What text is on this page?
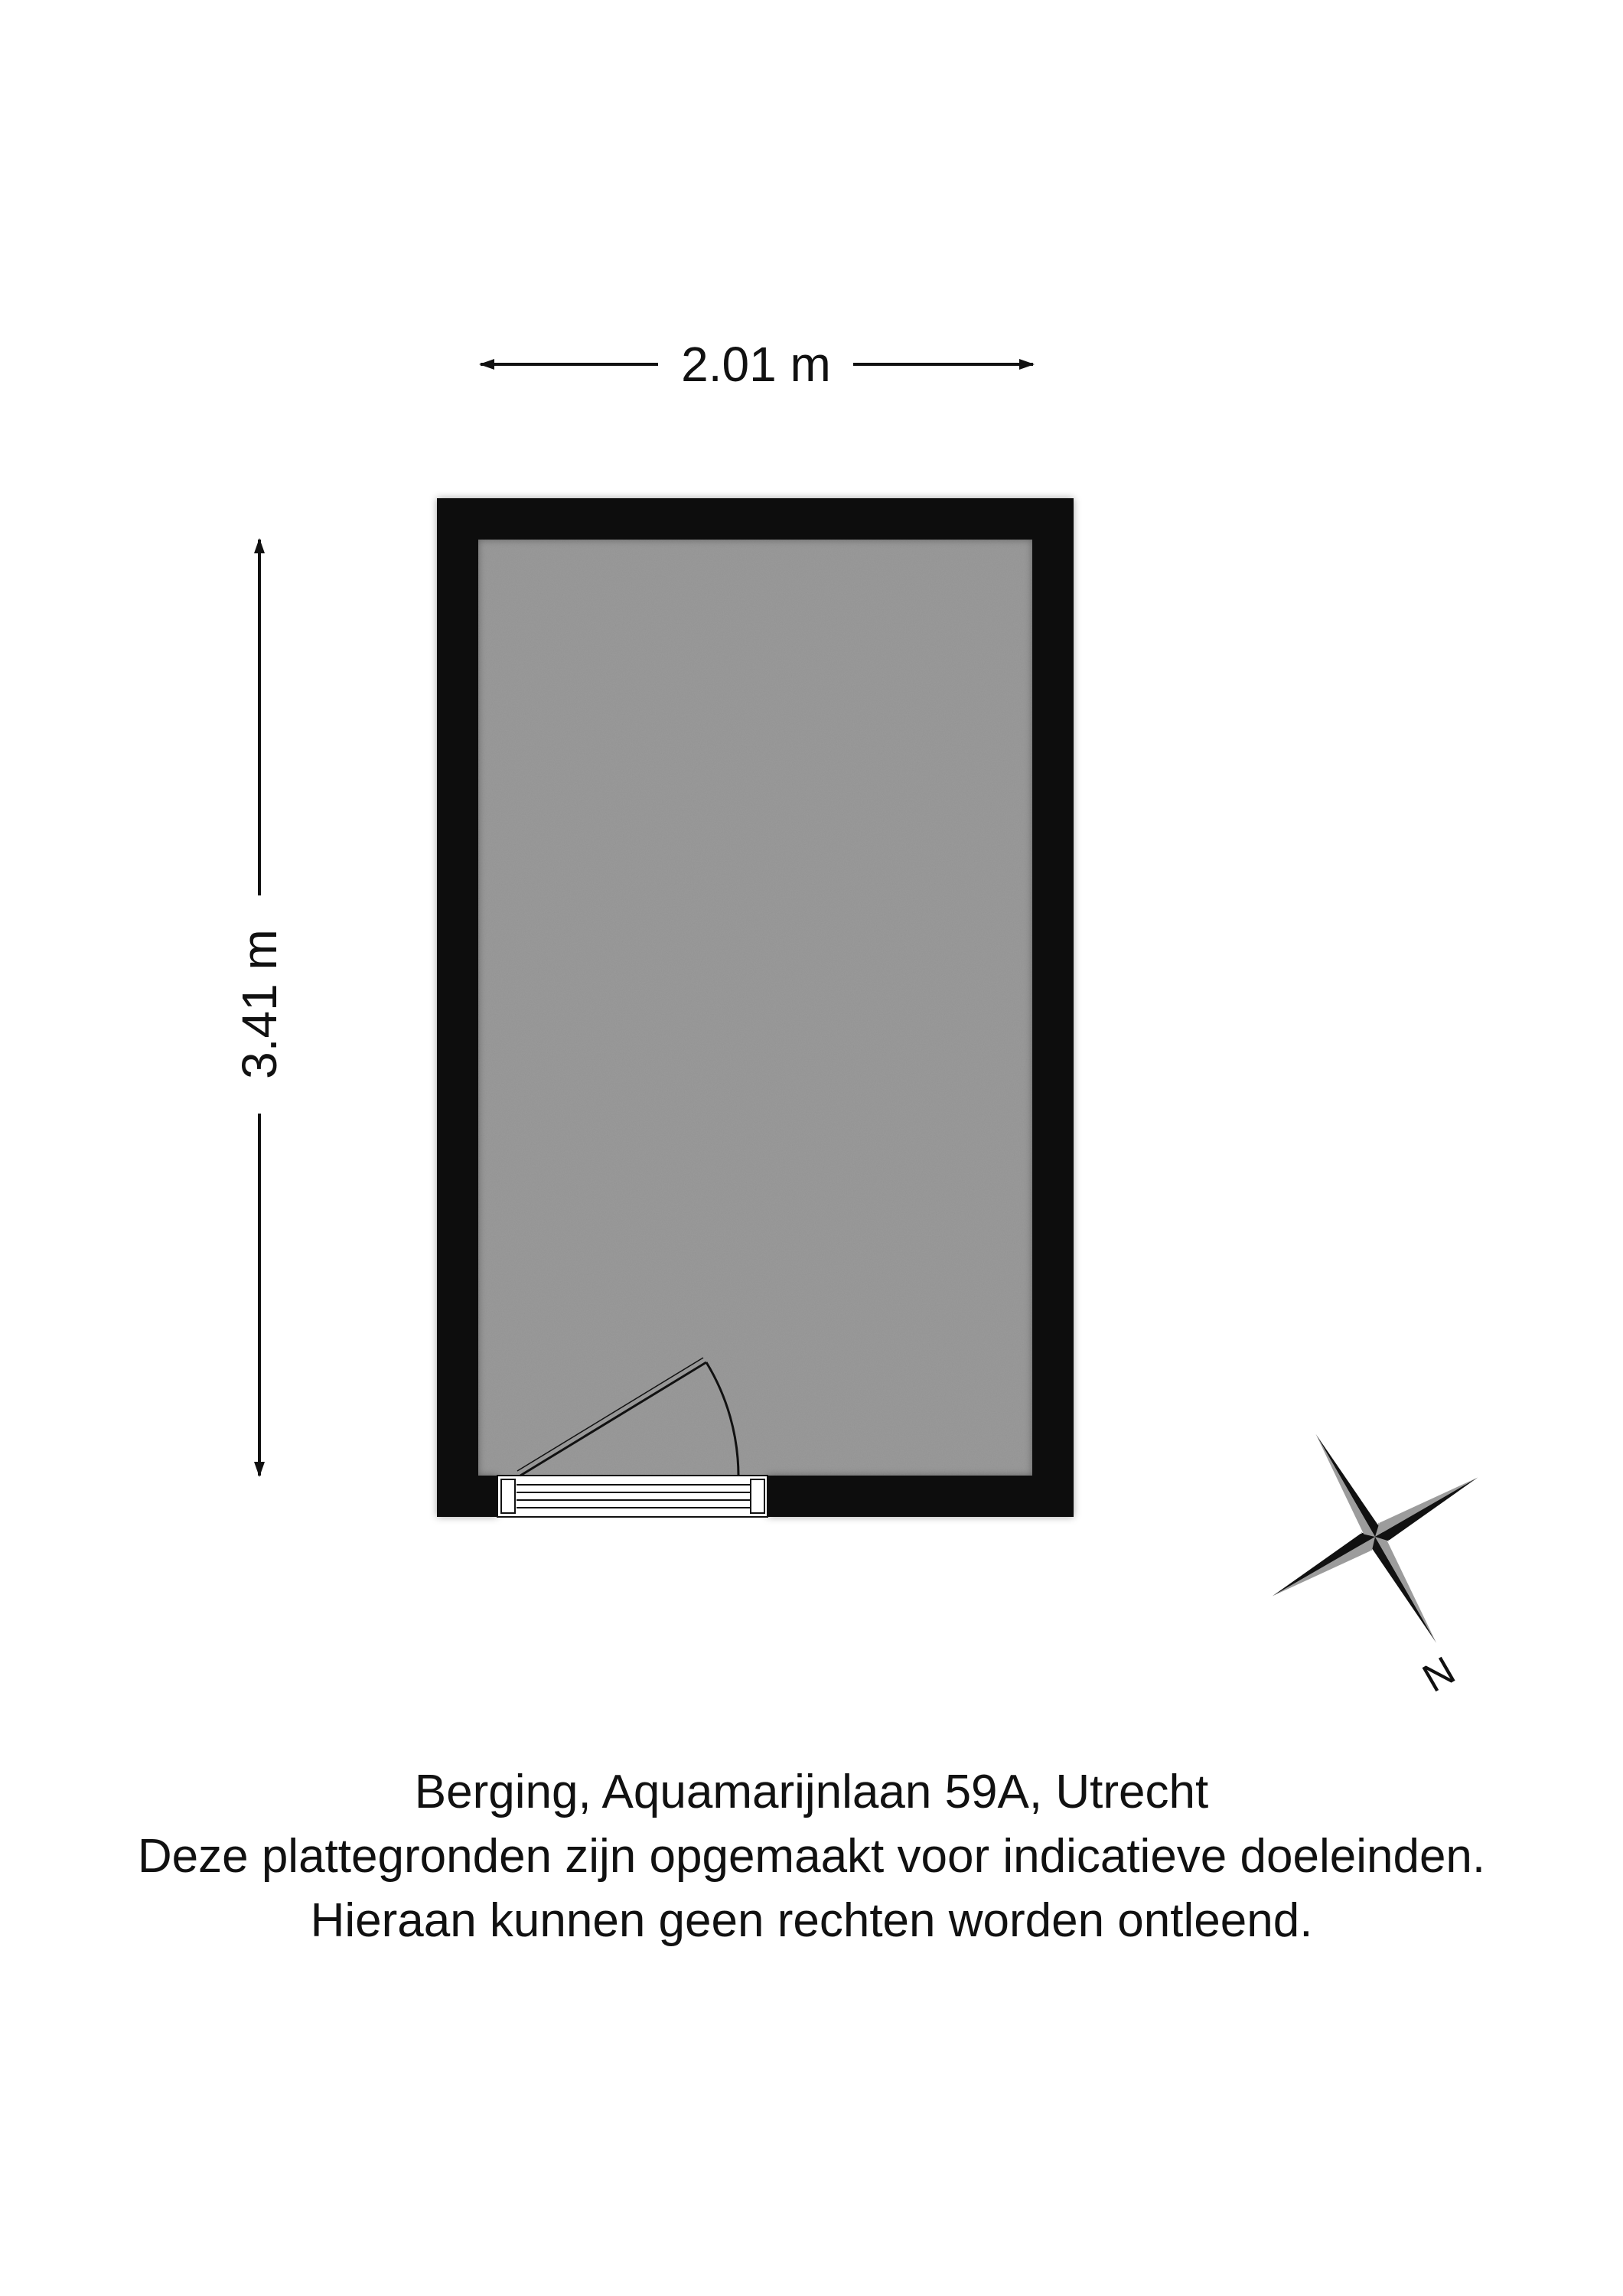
2.01 m
3.41 m
N
Berging, Aquamarijnlaan 59A, Utrecht
Deze plattegronden zijn opgemaakt voor indicatieve doeleinden.
Hieraan kunnen geen rechten worden ontleend.
